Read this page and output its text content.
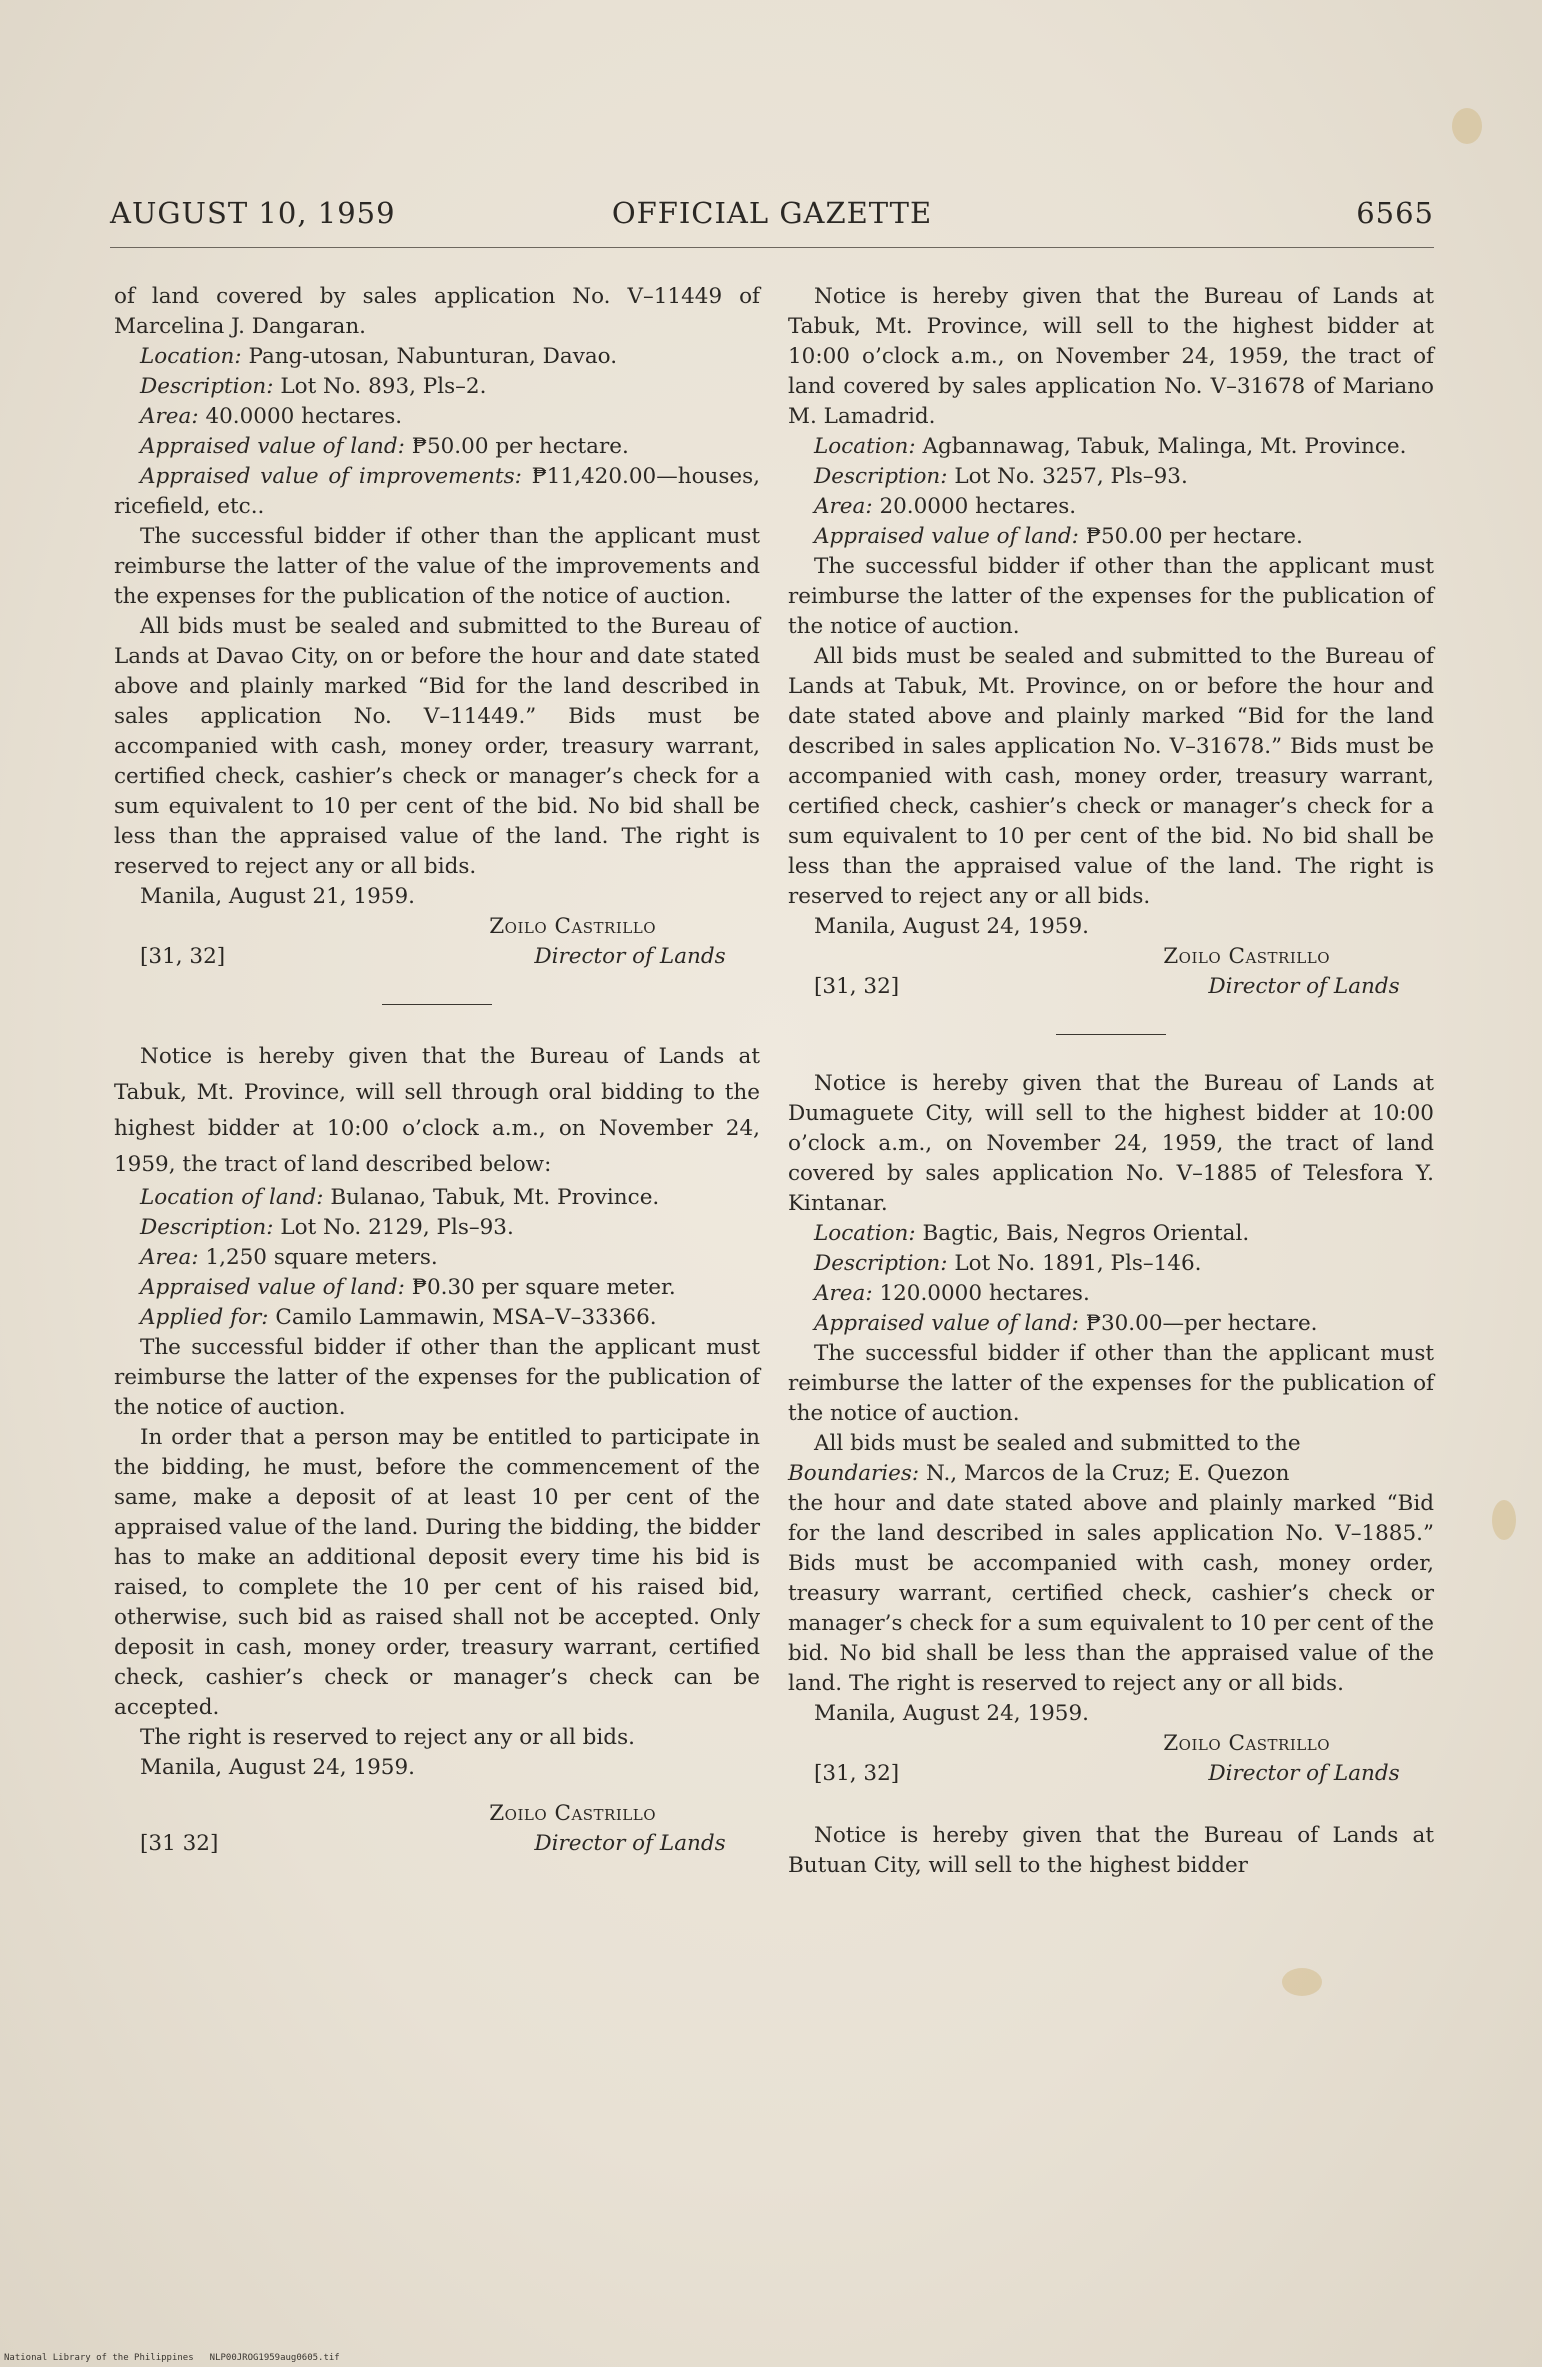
AUGUST 10, 1959	OFFICIAL GAZETTE	6565

of land covered by sales application No. V–11449 of Marcelina J. Dangaran.

Location: Pang-utosan, Nabunturan, Davao.

Description: Lot No. 893, Pls–2.

Area: 40.0000 hectares.

Appraised value of land: ₱50.00 per hectare.

Appraised value of improvements: ₱11,420.00—houses, ricefield, etc..

The successful bidder if other than the applicant must reimburse the latter of the value of the improvements and the expenses for the publication of the notice of auction.

All bids must be sealed and submitted to the Bureau of Lands at Davao City, on or before the hour and date stated above and plainly marked “Bid for the land described in sales application No. V–11449.” Bids must be accompanied with cash, money order, treasury warrant, certified check, cashier’s check or manager’s check for a sum equivalent to 10 per cent of the bid. No bid shall be less than the appraised value of the land. The right is reserved to reject any or all bids.

Manila, August 21, 1959.

Zoilo Castrillo

[31, 32]	Director of Lands

Notice is hereby given that the Bureau of Lands at Tabuk, Mt. Province, will sell through oral bidding to the highest bidder at 10:00 o’clock a.m., on November 24, 1959, the tract of land described below:

Location of land: Bulanao, Tabuk, Mt. Province.

Description: Lot No. 2129, Pls–93.

Area: 1,250 square meters.

Appraised value of land: ₱0.30 per square meter.

Applied for: Camilo Lammawin, MSA–V–33366.

The successful bidder if other than the applicant must reimburse the latter of the expenses for the publication of the notice of auction.

In order that a person may be entitled to participate in the bidding, he must, before the commencement of the same, make a deposit of at least 10 per cent of the appraised value of the land. During the bidding, the bidder has to make an additional deposit every time his bid is raised, to complete the 10 per cent of his raised bid, otherwise, such bid as raised shall not be accepted. Only deposit in cash, money order, treasury warrant, certified check, cashier’s check or manager’s check can be accepted.

The right is reserved to reject any or all bids.

Manila, August 24, 1959.

Zoilo Castrillo

[31 32]	Director of Lands

Notice is hereby given that the Bureau of Lands at Tabuk, Mt. Province, will sell to the highest bidder at 10:00 o’clock a.m., on November 24, 1959, the tract of land covered by sales application No. V–31678 of Mariano M. Lamadrid.

Location: Agbannawag, Tabuk, Malinga, Mt. Province.

Description: Lot No. 3257, Pls–93.

Area: 20.0000 hectares.

Appraised value of land: ₱50.00 per hectare.

The successful bidder if other than the applicant must reimburse the latter of the expenses for the publication of the notice of auction.

All bids must be sealed and submitted to the Bureau of Lands at Tabuk, Mt. Province, on or before the hour and date stated above and plainly marked “Bid for the land described in sales application No. V–31678.” Bids must be accompanied with cash, money order, treasury warrant, certified check, cashier’s check or manager’s check for a sum equivalent to 10 per cent of the bid. No bid shall be less than the appraised value of the land. The right is reserved to reject any or all bids.

Manila, August 24, 1959.

Zoilo Castrillo

[31, 32]	Director of Lands

Notice is hereby given that the Bureau of Lands at Dumaguete City, will sell to the highest bidder at 10:00 o’clock a.m., on November 24, 1959, the tract of land covered by sales application No. V–1885 of Telesfora Y. Kintanar.

Location: Bagtic, Bais, Negros Oriental.

Description: Lot No. 1891, Pls–146.

Area: 120.0000 hectares.

Appraised value of land: ₱30.00—per hectare.

The successful bidder if other than the applicant must reimburse the latter of the expenses for the publication of the notice of auction.

All bids must be sealed and submitted to the

Boundaries: N., Marcos de la Cruz; E. Quezon

the hour and date stated above and plainly marked “Bid for the land described in sales application No. V–1885.” Bids must be accompanied with cash, money order, treasury warrant, certified check, cashier’s check or manager’s check for a sum equivalent to 10 per cent of the bid. No bid shall be less than the appraised value of the land. The right is reserved to reject any or all bids.

Manila, August 24, 1959.

Zoilo Castrillo

[31, 32]	Director of Lands

Notice is hereby given that the Bureau of Lands at Butuan City, will sell to the highest bidder

National Library of the Philippines NLP00JROG1959aug0605.tif
